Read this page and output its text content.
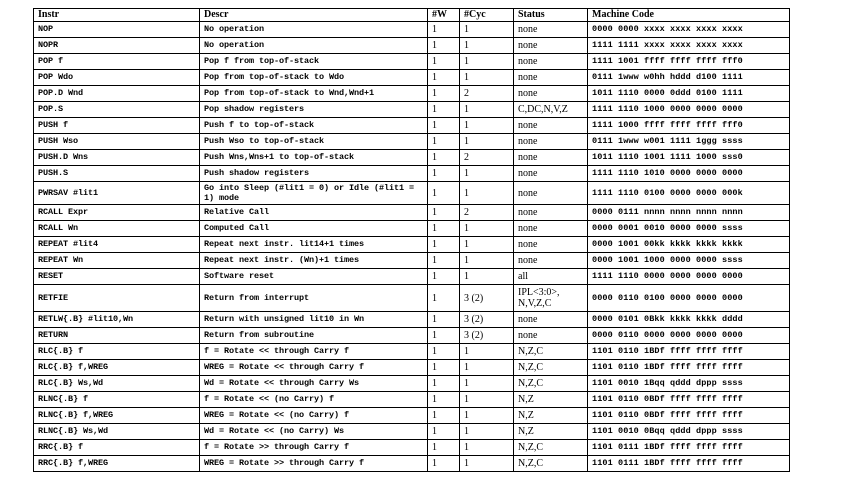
Instr	Descr	#W	#Cyc	Status	Machine Code
NOP	No operation	1	1	none	0000 0000 xxxx xxxx xxxx xxxx
NOPR	No operation	1	1	none	1111 1111 xxxx xxxx xxxx xxxx
POP f	Pop f from top-of-stack	1	1	none	1111 1001 ffff ffff ffff fff0
POP Wdo	Pop from top-of-stack to Wdo	1	1	none	0111 1www w0hh hddd d100 1111
POP.D Wnd	Pop from top-of-stack to Wnd,Wnd+1	1	2	none	1011 1110 0000 0ddd 0100 1111
POP.S	Pop shadow registers	1	1	C,DC,N,V,Z	1111 1110 1000 0000 0000 0000
PUSH f	Push f to top-of-stack	1	1	none	1111 1000 ffff ffff ffff fff0
PUSH Wso	Push Wso to top-of-stack	1	1	none	0111 1www w001 1111 1ggg ssss
PUSH.D Wns	Push Wns,Wns+1 to top-of-stack	1	2	none	1011 1110 1001 1111 1000 sss0
PUSH.S	Push shadow registers	1	1	none	1111 1110 1010 0000 0000 0000
PWRSAV #lit1	Go into Sleep (#lit1 = 0) or Idle (#lit1 = 1) mode	1	1	none	1111 1110 0100 0000 0000 000k
RCALL Expr	Relative Call	1	2	none	0000 0111 nnnn nnnn nnnn nnnn
RCALL Wn	Computed Call	1	1	none	0000 0001 0010 0000 0000 ssss
REPEAT #lit4	Repeat next instr. lit14+1 times	1	1	none	0000 1001 00kk kkkk kkkk kkkk
REPEAT Wn	Repeat next instr. (Wn)+1 times	1	1	none	0000 1001 1000 0000 0000 ssss
RESET	Software reset	1	1	all	1111 1110 0000 0000 0000 0000
RETFIE	Return from interrupt	1	3 (2)	IPL<3:0>, N,V,Z,C	0000 0110 0100 0000 0000 0000
RETLW{.B} #lit10,Wn	Return with unsigned lit10 in Wn	1	3 (2)	none	0000 0101 0Bkk kkkk kkkk dddd
RETURN	Return from subroutine	1	3 (2)	none	0000 0110 0000 0000 0000 0000
RLC{.B} f	f = Rotate << through Carry f	1	1	N,Z,C	1101 0110 1BDf ffff ffff ffff
RLC{.B} f,WREG	WREG = Rotate << through Carry f	1	1	N,Z,C	1101 0110 1BDf ffff ffff ffff
RLC{.B} Ws,Wd	Wd = Rotate << through Carry Ws	1	1	N,Z,C	1101 0010 1Bqq qddd dppp ssss
RLNC{.B} f	f = Rotate << (no Carry) f	1	1	N,Z	1101 0110 0BDf ffff ffff ffff
RLNC{.B} f,WREG	WREG = Rotate << (no Carry) f	1	1	N,Z	1101 0110 0BDf ffff ffff ffff
RLNC{.B} Ws,Wd	Wd = Rotate << (no Carry) Ws	1	1	N,Z	1101 0010 0Bqq qddd dppp ssss
RRC{.B} f	f = Rotate >> through Carry f	1	1	N,Z,C	1101 0111 1BDf ffff ffff ffff
RRC{.B} f,WREG	WREG = Rotate >> through Carry f	1	1	N,Z,C	1101 0111 1BDf ffff ffff ffff
